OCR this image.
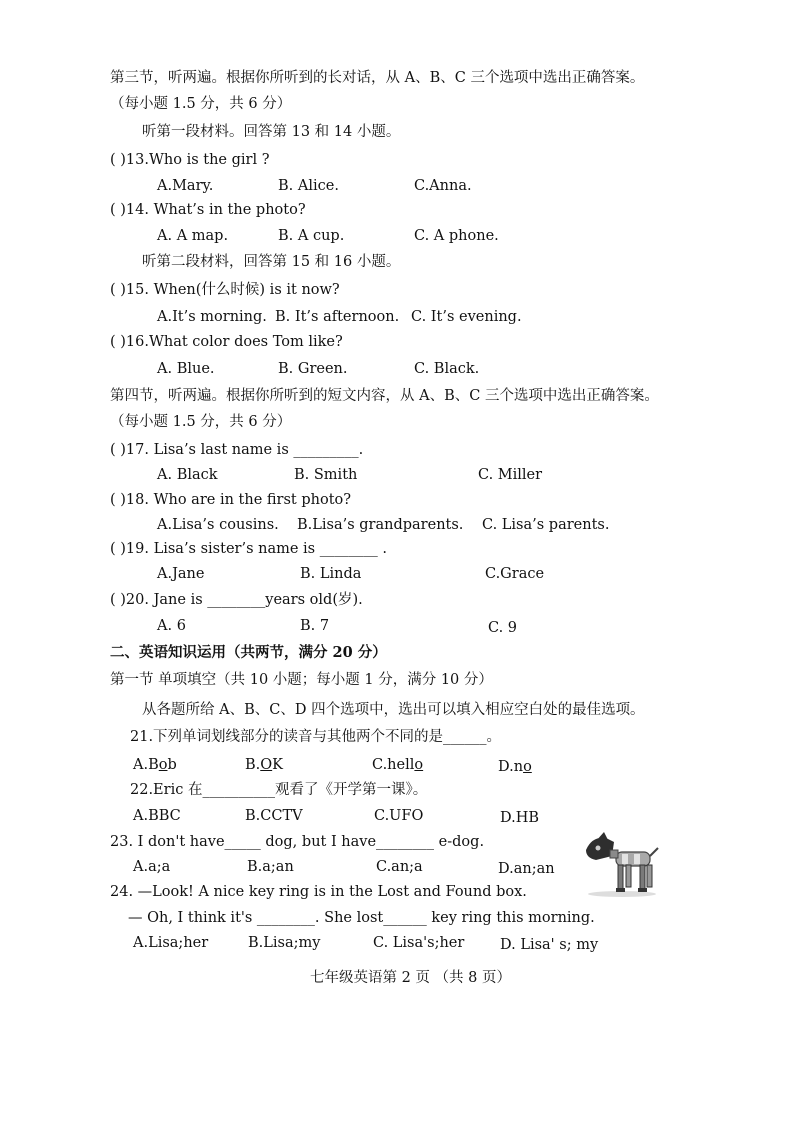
第三节，听两遍。根据你所听到的长对话，从 A、B、C 三个选项中选出正确答案。
（每小题 1.5 分，共 6 分）
听第一段材料。回答第 13 和 14 小题。
( )13.Who is the girl ?
A.Mary.	B. Alice.	C.Anna.
( )14. What’s in the photo?
A. A map.	B. A cup.	C. A phone.
听第二段材料，回答第 15 和 16 小题。
( )15. When(什么时候) is it now?
A.It’s morning. B. It’s afternoon. C. It’s evening.
( )16.What color does Tom like?
A. Blue.	B. Green.	C. Black.
第四节，听两遍。根据你所听到的短文内容，从 A、B、C 三个选项中选出正确答案。
（每小题 1.5 分，共 6 分）
( )17. Lisa’s last name is _________.
A. Black	B. Smith	C. Miller
( )18. Who are in the first photo?
A.Lisa’s cousins. B.Lisa’s grandparents. C. Lisa’s parents.
( )19. Lisa’s sister’s name is ________ .
A.Jane	B. Linda	C.Grace
( )20. Jane is ________years old(岁).
A. 6	B. 7	C. 9
二、英语知识运用（共两节，满分 20 分）
第一节 单项填空（共 10 小题；每小题 1 分，满分 10 分）
从各题所给 A、B、C、D 四个选项中，选出可以填入相应空白处的最佳选项。
21.下列单词划线部分的读音与其他两个不同的是______。
A.Bob	B.OK	C.hello	D.no
22.Eric 在__________观看了《开学第一课》。
A.BBC	B.CCTV	C.UFO	D.HB
23. I don't have_____ dog, but I have________ e-dog.
A.a;a	B.a;an	C.an;a	D.an;an
24. —Look! A nice key ring is in the Lost and Found box.
— Oh, I think it's ________. She lost______ key ring this morning.
A.Lisa;her	B.Lisa;my	C. Lisa's;her D. Lisa' s; my
七年级英语第 2 页 （共 8 页）
